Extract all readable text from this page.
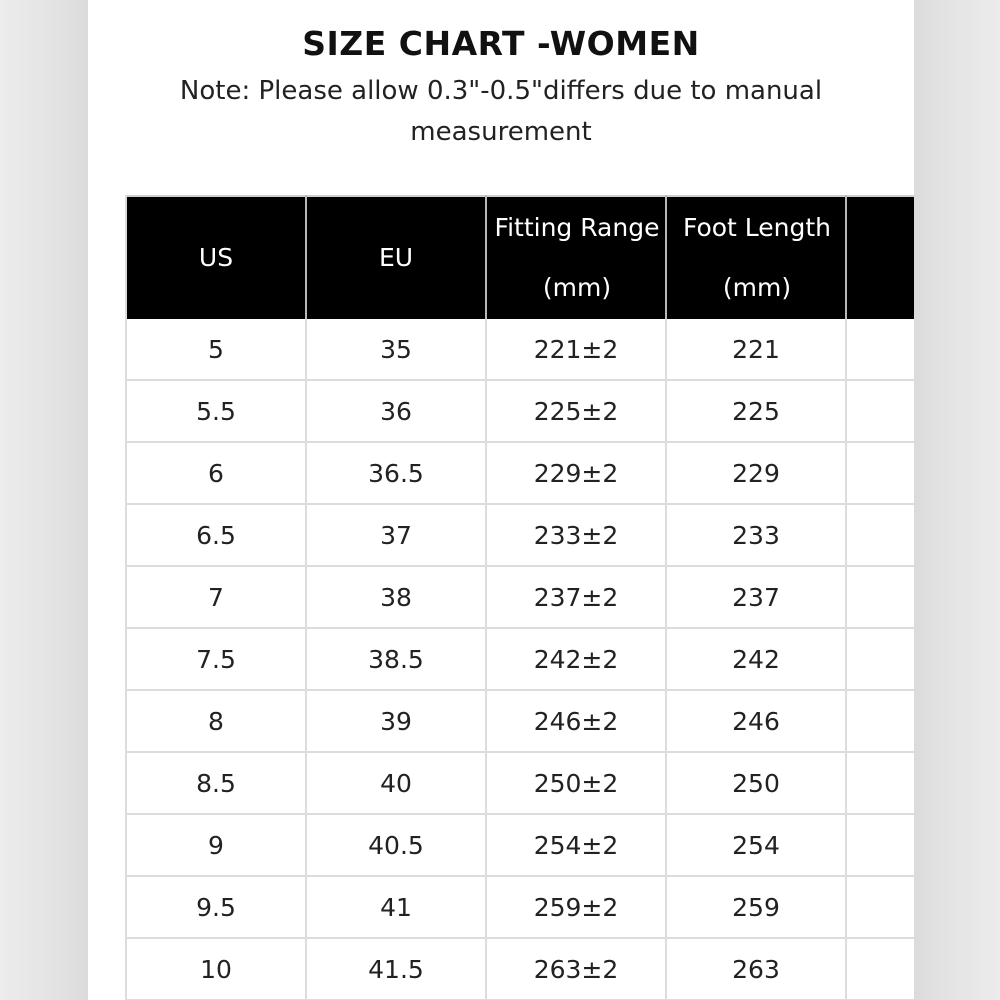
SIZE CHART -WOMEN
Note: Please allow 0.3"-0.5"differs due to manual measurement
US	EU	Fitting Range(mm)	Foot Length(mm)	

5	35	221±2	221	
5.5	36	225±2	225	
6	36.5	229±2	229	
6.5	37	233±2	233	
7	38	237±2	237	
7.5	38.5	242±2	242	
8	39	246±2	246	
8.5	40	250±2	250	
9	40.5	254±2	254	
9.5	41	259±2	259	
10	41.5	263±2	263	
